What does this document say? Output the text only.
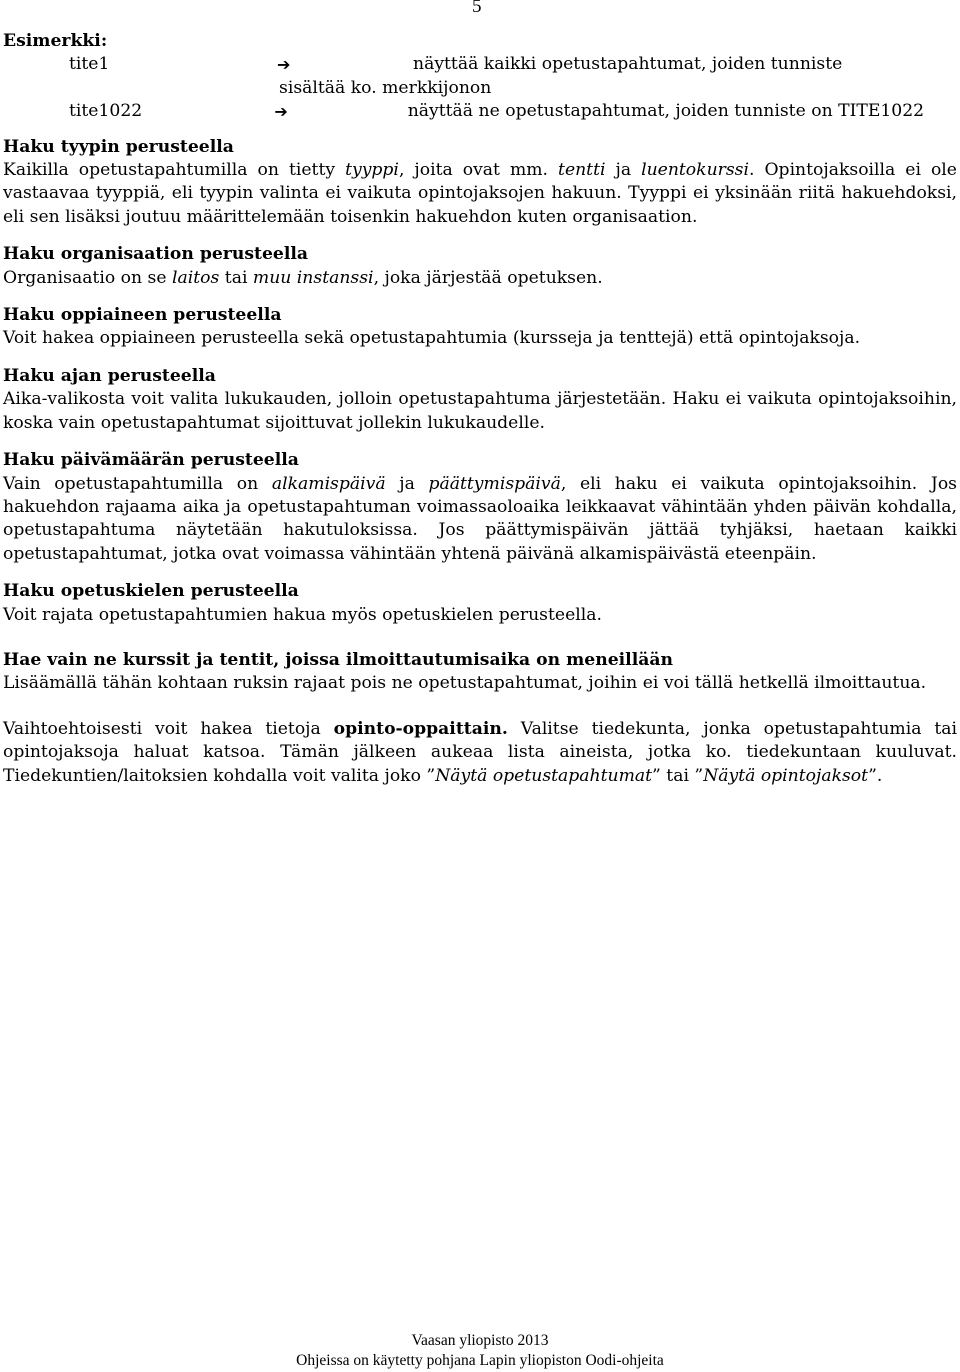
5
Esimerkki:
tite1	➔	näyttää kaikki opetustapahtumat, joiden tunniste
sisältää ko. merkkijonon
tite1022	➔	näyttää ne opetustapahtumat, joiden tunniste on TITE1022
Haku tyypin perusteella

Kaikilla opetustapahtumilla on tietty tyyppi, joita ovat mm. tentti ja luentokurssi. Opintojaksoilla ei ole vastaavaa tyyppiä, eli tyypin valinta ei vaikuta opintojaksojen hakuun. Tyyppi ei yksinään riitä hakuehdoksi, eli sen lisäksi joutuu määrittelemään toisenkin hakuehdon kuten organisaation.

Haku organisaation perusteella

Organisaatio on se laitos tai muu instanssi, joka järjestää opetuksen.

Haku oppiaineen perusteella

Voit hakea oppiaineen perusteella sekä opetustapahtumia (kursseja ja tenttejä) että opintojaksoja.

Haku ajan perusteella

Aika-valikosta voit valita lukukauden, jolloin opetustapahtuma järjestetään. Haku ei vaikuta opintojaksoihin, koska vain opetustapahtumat sijoittuvat jollekin lukukaudelle.

Haku päivämäärän perusteella

Vain opetustapahtumilla on alkamispäivä ja päättymispäivä, eli haku ei vaikuta opintojaksoihin. Jos hakuehdon rajaama aika ja opetustapahtuman voimassaoloaika leikkaavat vähintään yhden päivän kohdalla, opetustapahtuma näytetään hakutuloksissa. Jos päättymispäivän jättää tyhjäksi, haetaan kaikki opetustapahtumat, jotka ovat voimassa vähintään yhtenä päivänä alkamispäivästä eteenpäin.

Haku opetuskielen perusteella

Voit rajata opetustapahtumien hakua myös opetuskielen perusteella.

Hae vain ne kurssit ja tentit, joissa ilmoittautumisaika on meneillään

Lisäämällä tähän kohtaan ruksin rajaat pois ne opetustapahtumat, joihin ei voi tällä hetkellä ilmoittautua.

Vaihtoehtoisesti voit hakea tietoja opinto-oppaittain. Valitse tiedekunta, jonka opetustapahtumia tai opintojaksoja haluat katsoa. Tämän jälkeen aukeaa lista aineista, jotka ko. tiedekuntaan kuuluvat. Tiedekuntien/laitoksien kohdalla voit valita joko ”Näytä opetustapahtumat” tai ”Näytä opintojaksot”.

Vaasan yliopisto 2013
Ohjeissa on käytetty pohjana Lapin yliopiston Oodi-ohjeita
